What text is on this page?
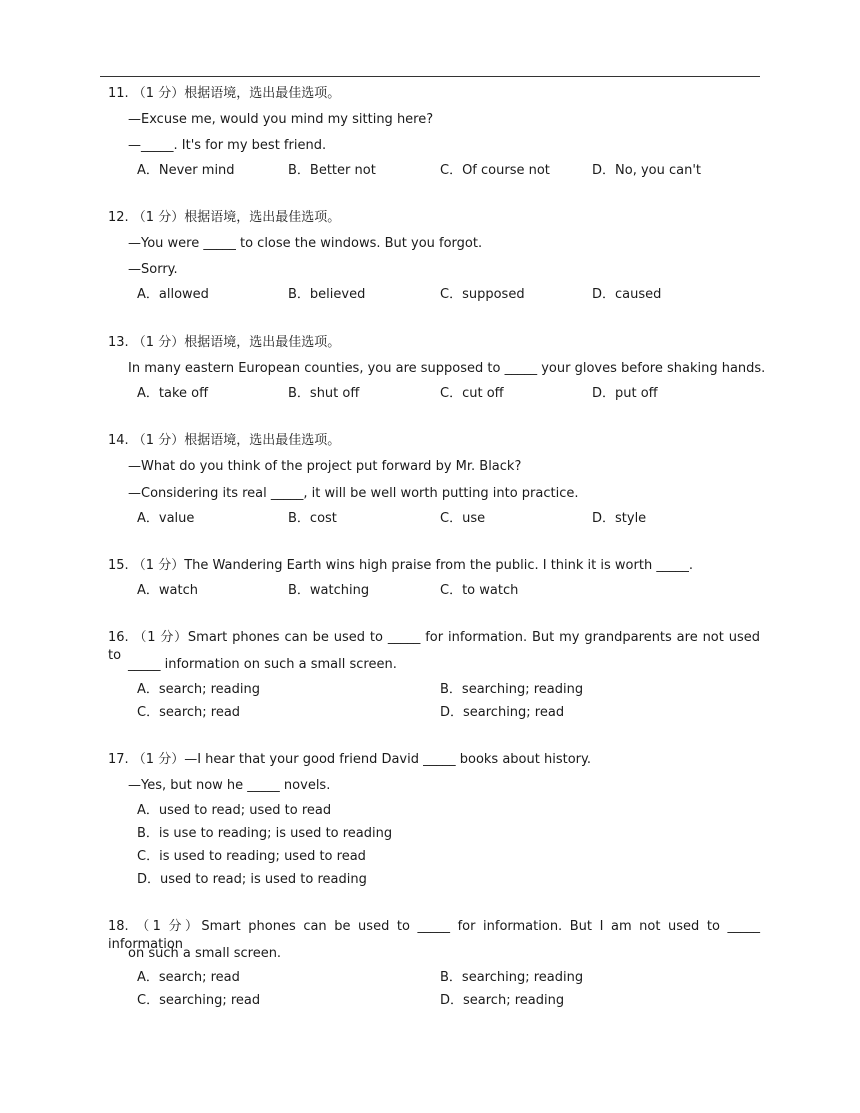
11. （1 分）根据语境，选出最佳选项。
—Excuse me, would you mind my sitting here?
—_____. It's for my best friend.
A．Never mind	B．Better not	C．Of course not	D．No, you can't
12. （1 分）根据语境，选出最佳选项。
—You were _____ to close the windows. But you forgot.
—Sorry.
A．allowed	B．believed	C．supposed	D．caused
13. （1 分）根据语境，选出最佳选项。
In many eastern European counties, you are supposed to _____ your gloves before shaking hands.
A．take off	B．shut off	C．cut off	D．put off
14. （1 分）根据语境，选出最佳选项。
—What do you think of the project put forward by Mr. Black?
—Considering its real _____, it will be well worth putting into practice.
A．value	B．cost	C．use	D．style
15. （1 分）The Wandering Earth wins high praise from the public. I think it is worth _____.
A．watch	B．watching	C．to watch
16. （1 分）Smart phones can be used to _____ for information. But my grandparents are not used to
_____ information on such a small screen.
A．search; reading	B．searching; reading
C．search; read	D．searching; read
17. （1 分）—I hear that your good friend David _____ books about history.
—Yes, but now he _____ novels.
A．used to read; used to read
B．is use to reading; is used to reading
C．is used to reading; used to read
D．used to read; is used to reading
18. （1 分）Smart phones can be used to _____ for information. But I am not used to _____ information
on such a small screen.
A．search; read	B．searching; reading
C．searching; read	D．search; reading
